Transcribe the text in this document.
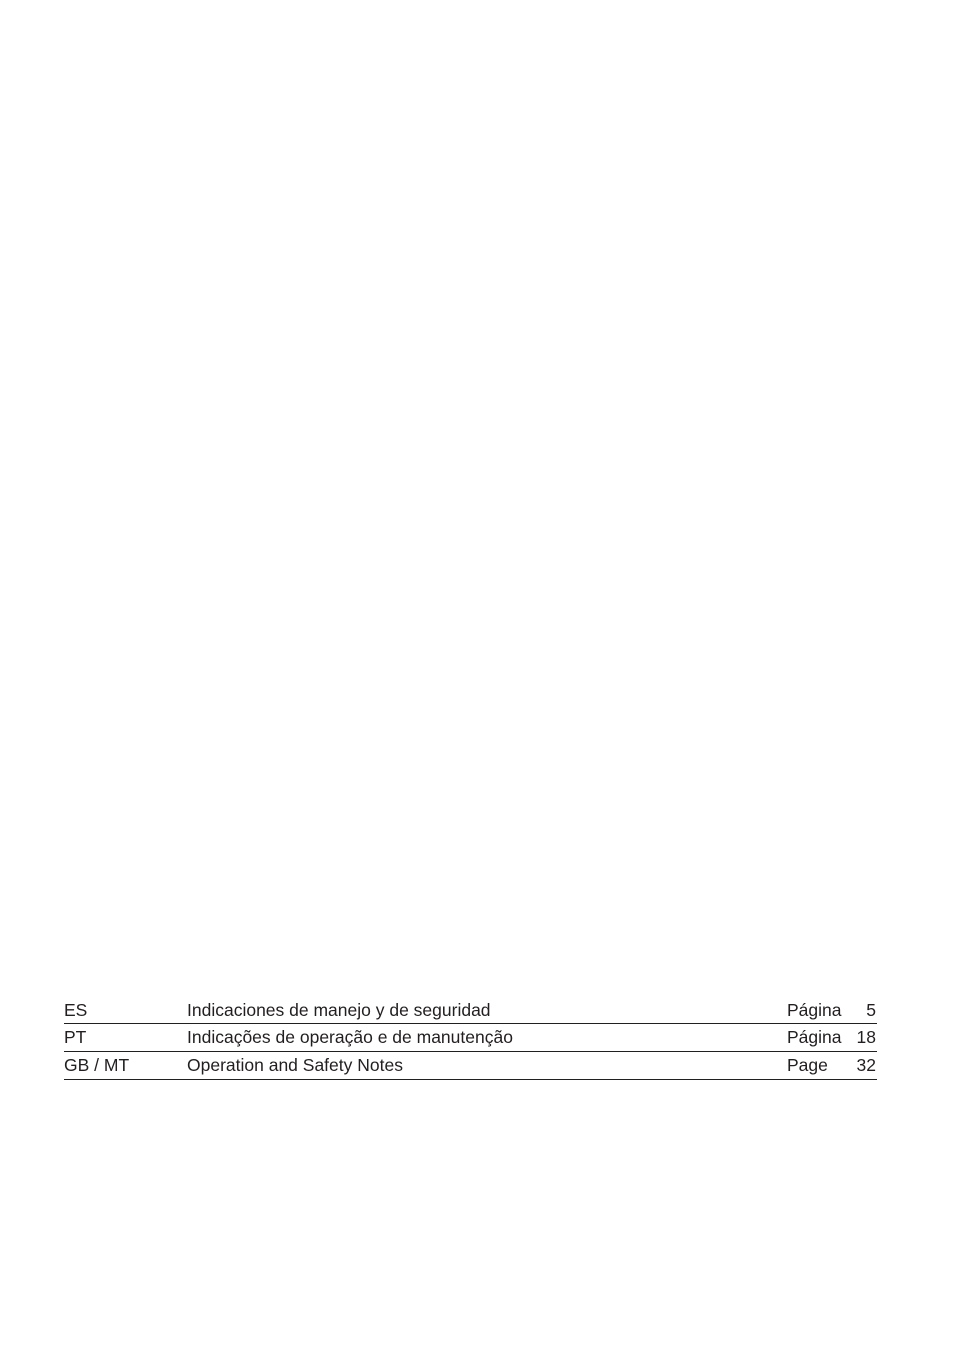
ES	Indicaciones de manejo y de seguridad	Página 5
PT	Indicações de operação e de manutenção	Página 18
GB / MT	Operation and Safety Notes	Page 32
